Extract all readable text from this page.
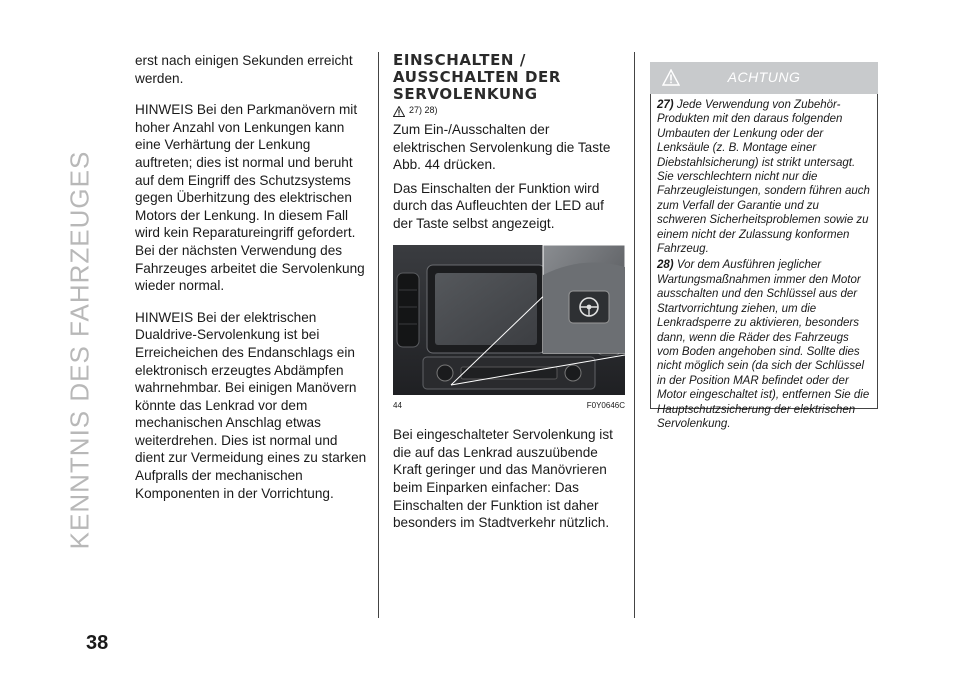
KENNTNIS DES FAHRZEUGES
38

erst nach einigen Sekunden erreicht werden.

HINWEIS Bei den Parkmanövern mit hoher Anzahl von Lenkungen kann eine Verhärtung der Lenkung auftreten; dies ist normal und beruht auf dem Eingriff des Schutzsystems gegen Überhitzung des elektrischen Motors der Lenkung. In diesem Fall wird kein Reparatureingriff gefordert. Bei der nächsten Verwendung des Fahrzeuges arbeitet die Servolenkung wieder normal.

HINWEIS Bei der elektrischen Dualdrive-Servolenkung ist bei Erreicheichen des Endanschlags ein elektronisch erzeugtes Abdämpfen wahrnehmbar. Bei einigen Manövern könnte das Lenkrad vor dem mechanischen Anschlag etwas weiterdrehen. Dies ist normal und dient zur Vermeidung eines zu starken Aufpralls der mechanischen Komponenten in der Vorrichtung.

EINSCHALTEN / AUSSCHALTEN DER SERVOLENKUNG
27) 28)

Zum Ein-/Ausschalten der elektrischen Servolenkung die Taste Abb. 44 drücken.

Das Einschalten der Funktion wird durch das Aufleuchten der LED auf der Taste selbst angezeigt.

44	F0Y0646C

Bei eingeschalteter Servolenkung ist die auf das Lenkrad auszuübende Kraft geringer und das Manövrieren beim Einparken einfacher: Das Einschalten der Funktion ist daher besonders im Stadtverkehr nützlich.

ACHTUNG

27) Jede Verwendung von Zubehör-Produkten mit den daraus folgenden Umbauten der Lenkung oder der Lenksäule (z. B. Montage einer Diebstahlsicherung) ist strikt untersagt. Sie verschlechtern nicht nur die Fahrzeugleistungen, sondern führen auch zum Verfall der Garantie und zu schweren Sicherheitsproblemen sowie zu einem nicht der Zulassung konformen Fahrzeug.

28) Vor dem Ausführen jeglicher Wartungsmaßnahmen immer den Motor ausschalten und den Schlüssel aus der Startvorrichtung ziehen, um die Lenkradsperre zu aktivieren, besonders dann, wenn die Räder des Fahrzeugs vom Boden angehoben sind. Sollte dies nicht möglich sein (da sich der Schlüssel in der Position MAR befindet oder der Motor eingeschaltet ist), entfernen Sie die Hauptschutzsicherung der elektrischen Servolenkung.
